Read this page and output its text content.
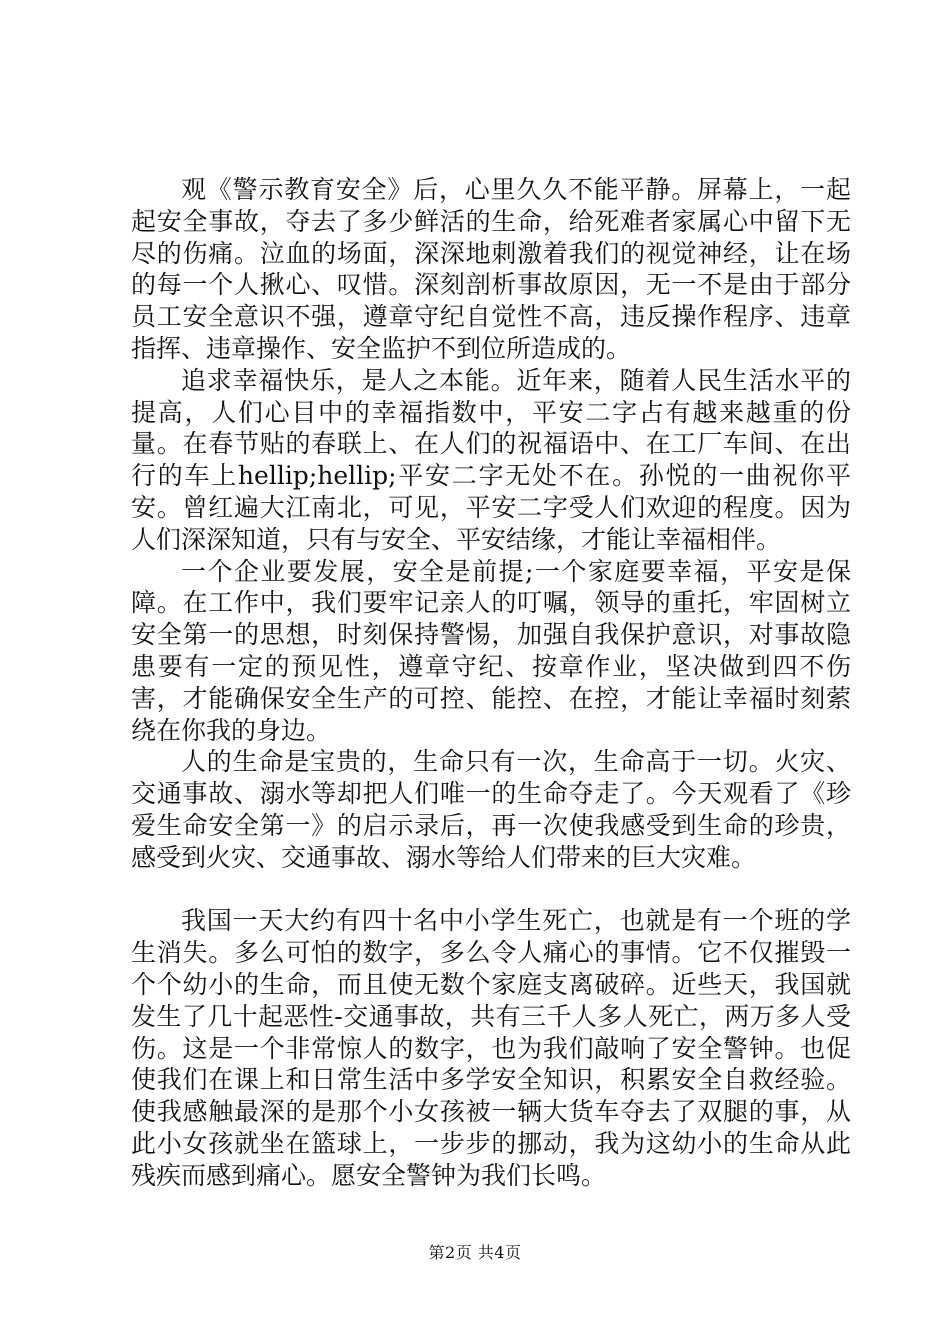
观《警示教育安全》后，心里久久不能平静。屏幕上，一起起安全事故，夺去了多少鲜活的生命，给死难者家属心中留下无尽的伤痛。泣血的场面，深深地刺激着我们的视觉神经，让在场的每一个人揪心、叹惜。深刻剖析事故原因，无一不是由于部分员工安全意识不强，遵章守纪自觉性不高，违反操作程序、违章指挥、违章操作、安全监护不到位所造成的。

追求幸福快乐，是人之本能。近年来，随着人民生活水平的提高，人们心目中的幸福指数中，平安二字占有越来越重的份量。在春节贴的春联上、在人们的祝福语中、在工厂车间、在出行的车上hellip;hellip;平安二字无处不在。孙悦的一曲祝你平安。曾红遍大江南北，可见，平安二字受人们欢迎的程度。因为人们深深知道，只有与安全、平安结缘，才能让幸福相伴。

一个企业要发展，安全是前提;一个家庭要幸福，平安是保障。在工作中，我们要牢记亲人的叮嘱，领导的重托，牢固树立安全第一的思想，时刻保持警惕，加强自我保护意识，对事故隐患要有一定的预见性，遵章守纪、按章作业，坚决做到四不伤害，才能确保安全生产的可控、能控、在控，才能让幸福时刻萦绕在你我的身边。

人的生命是宝贵的，生命只有一次，生命高于一切。火灾、交通事故、溺水等却把人们唯一的生命夺走了。今天观看了《珍爱生命安全第一》的启示录后，再一次使我感受到生命的珍贵，感受到火灾、交通事故、溺水等给人们带来的巨大灾难。

我国一天大约有四十名中小学生死亡，也就是有一个班的学生消失。多么可怕的数字，多么令人痛心的事情。它不仅摧毁一个个幼小的生命，而且使无数个家庭支离破碎。近些天，我国就发生了几十起恶性-交通事故，共有三千人多人死亡，两万多人受伤。这是一个非常惊人的数字，也为我们敲响了安全警钟。也促使我们在课上和日常生活中多学安全知识，积累安全自救经验。使我感触最深的是那个小女孩被一辆大货车夺去了双腿的事，从此小女孩就坐在篮球上，一步步的挪动，我为这幼小的生命从此残疾而感到痛心。愿安全警钟为我们长鸣。

第2页 共4页
